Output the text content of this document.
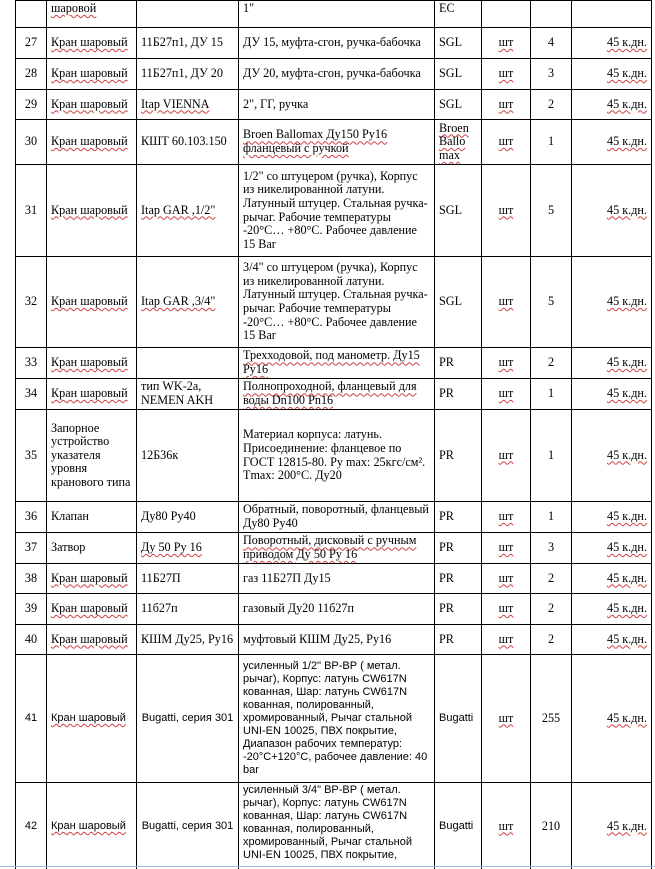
	шаровой		1"	EC			
27	Кран шаровый	11Б27п1, ДУ 15	ДУ 15, муфта-сгон, ручка-бабочка	SGL	шт	4	45 к.дн.
28	Кран шаровый	11Б27п1, ДУ 20	ДУ 20, муфта-сгон, ручка-бабочка	SGL	шт	3	45 к.дн.
29	Кран шаровый	Itap VIENNA	2", ГГ, ручка	SGL	шт	2	45 к.дн.
30	Кран шаровый	КШТ 60.103.150	Broen Ballomax Ду150 Ру16 фланцевый с ручкой	Broen Ballo max	шт	1	45 к.дн.
31	Кран шаровый	Itap GAR ,1/2"	1/2" со штуцером (ручка), Корпус из никелированной латуни. Латунный штуцер. Стальная ручка-рычаг. Рабочие температуры -20°С… +80°С. Рабочее давление 15 Bar	SGL	шт	5	45 к.дн.
32	Кран шаровый	Itap GAR ,3/4"	3/4" со штуцером (ручка), Корпус из никелированной латуни. Латунный штуцер. Стальная ручка-рычаг. Рабочие температуры -20°С… +80°С. Рабочее давление 15 Bar	SGL	шт	5	45 к.дн.
33	Кран шаровый		Трехходовой, под манометр. Ду15 Ру16	PR	шт	2	45 к.дн.
34	Кран шаровый	тип WK-2a, NEMEN AKH	Полнопроходной, фланцевый для воды Dn100 Pn16	PR	шт	1	45 к.дн.
35	Запорное устройство указателя уровня кранового типа	12Б36к	Материал корпуса: латунь. Присоединение: фланцевое по ГОСТ 12815-80. Ру max: 25кгс/см². Tmax: 200°С. Ду20	PR	шт	1	45 к.дн.
36	Клапан	Ду80 Ру40	Обратный, поворотный, фланцевый Ду80 Ру40	PR	шт	1	45 к.дн.
37	Затвор	Ду 50 Ру 16	Поворотный, дисковый с ручным приводом Ду 50 Ру 16	PR	шт	3	45 к.дн.
38	Кран шаровый	11Б27П	газ 11Б27П Ду15	PR	шт	2	45 к.дн.
39	Кран шаровый	11б27п	газовый Ду20 11б27п	PR	шт	2	45 к.дн.
40	Кран шаровый	КШМ Ду25, Ру16	муфтовый КШМ Ду25, Ру16	PR	шт	2	45 к.дн.
41	Кран шаровый	Bugatti, серия 301	усиленный 1/2" ВР-ВР ( метал. рычаг), Корпус: латунь CW617N кованная, Шар: латунь CW617N кованная, полированный, хромированный, Рычаг стальной UNI-EN 10025, ПВХ покрытие, Диапазон рабочих температур: -20°С+120°С, рабочее давление: 40 bar	Bugatti	шт	255	45 к.дн.
42	Кран шаровый	Bugatti, серия 301	усиленный 3/4" ВР-ВР ( метал. рычаг), Корпус: латунь CW617N кованная, Шар: латунь CW617N кованная, полированный, хромированный, Рычаг стальной UNI-EN 10025, ПВХ покрытие,	Bugatti	шт	210	45 к.дн.
